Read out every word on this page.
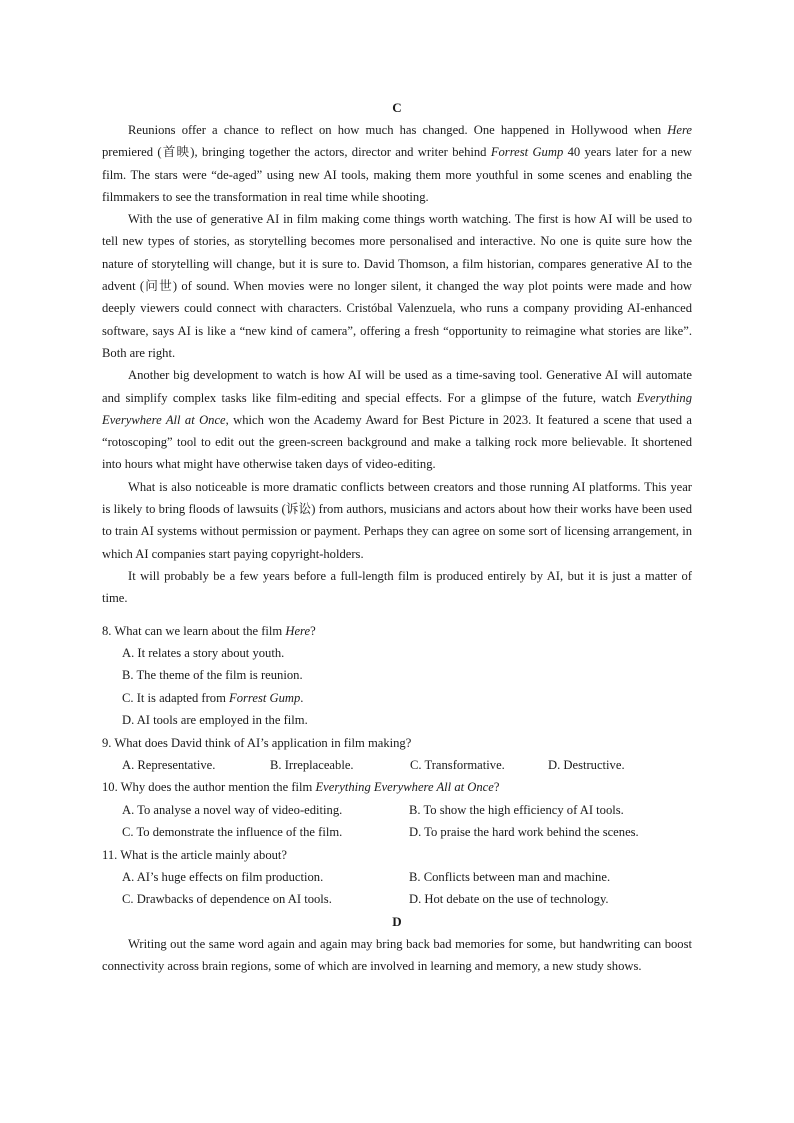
C

Reunions offer a chance to reflect on how much has changed. One happened in Hollywood when Here premiered (首映), bringing together the actors, director and writer behind Forrest Gump 40 years later for a new film. The stars were “de-aged” using new AI tools, making them more youthful in some scenes and enabling the filmmakers to see the transformation in real time while shooting.

With the use of generative AI in film making come things worth watching. The first is how AI will be used to tell new types of stories, as storytelling becomes more personalised and interactive. No one is quite sure how the nature of storytelling will change, but it is sure to. David Thomson, a film historian, compares generative AI to the advent (问世) of sound. When movies were no longer silent, it changed the way plot points were made and how deeply viewers could connect with characters. Cristóbal Valenzuela, who runs a company providing AI-enhanced software, says AI is like a “new kind of camera”, offering a fresh “opportunity to reimagine what stories are like”. Both are right.

Another big development to watch is how AI will be used as a time-saving tool. Generative AI will automate and simplify complex tasks like film-editing and special effects. For a glimpse of the future, watch Everything Everywhere All at Once, which won the Academy Award for Best Picture in 2023. It featured a scene that used a “rotoscoping” tool to edit out the green-screen background and make a talking rock more believable. It shortened into hours what might have otherwise taken days of video-editing.

What is also noticeable is more dramatic conflicts between creators and those running AI platforms. This year is likely to bring floods of lawsuits (诉讼) from authors, musicians and actors about how their works have been used to train AI systems without permission or payment. Perhaps they can agree on some sort of licensing arrangement, in which AI companies start paying copyright-holders.

It will probably be a few years before a full-length film is produced entirely by AI, but it is just a matter of time.

8. What can we learn about the film Here?
A. It relates a story about youth.
B. The theme of the film is reunion.
C. It is adapted from Forrest Gump.
D. AI tools are employed in the film.
9. What does David think of AI’s application in film making?
A. Representative.	B. Irreplaceable.	C. Transformative.	D. Destructive.
10. Why does the author mention the film Everything Everywhere All at Once?
A. To analyse a novel way of video-editing.	B. To show the high efficiency of AI tools.
C. To demonstrate the influence of the film.	D. To praise the hard work behind the scenes.
11. What is the article mainly about?
A. AI’s huge effects on film production.	B. Conflicts between man and machine.
C. Drawbacks of dependence on AI tools.	D. Hot debate on the use of technology.
D

Writing out the same word again and again may bring back bad memories for some, but handwriting can boost connectivity across brain regions, some of which are involved in learning and memory, a new study shows.
